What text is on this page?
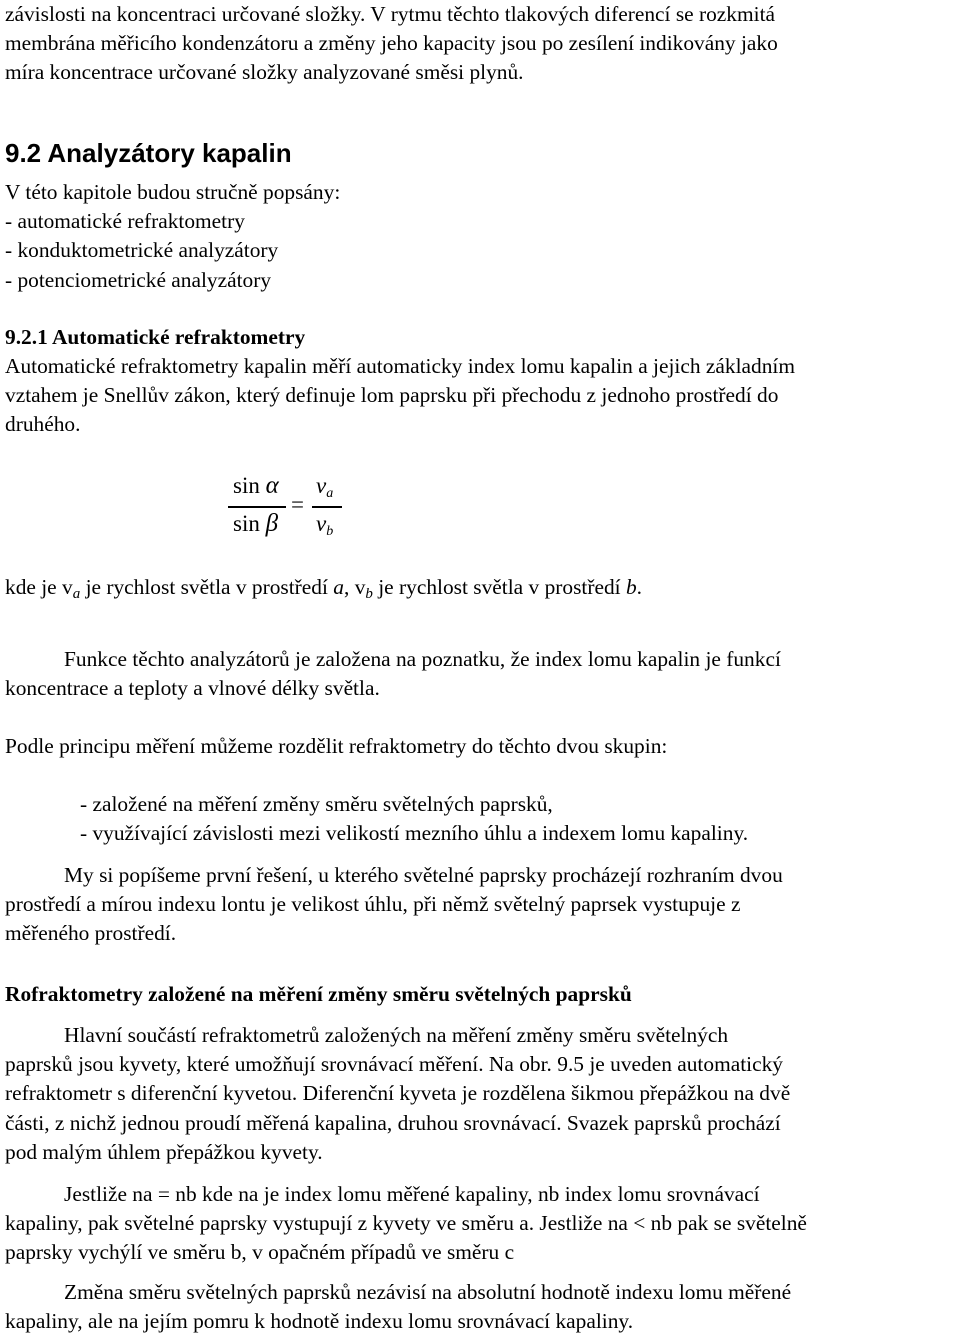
závislosti na koncentraci určované složky. V rytmu těchto tlakových diferencí se rozkmitá
membrána měřicího kondenzátoru a změny jeho kapacity jsou po zesílení indikovány jako
míra koncentrace určované složky analyzované směsi plynů.
9.2 Analyzátory kapalin
V této kapitole budou stručně popsány:
- automatické refraktometry
- konduktometrické analyzátory
- potenciometrické analyzátory
9.2.1 Automatické refraktometry
Automatické refraktometry kapalin měří automaticky index lomu kapalin a jejich základním
vztahem je Snellův zákon, který definuje lom paprsku při přechodu z jednoho prostředí do
druhého.
sin α
sin β
=
va
vb
kde je $v_a$ je rychlost světla v prostředí a, $v_b$ je rychlost světla v prostředí b.

Funkce těchto analyzátorů je založena na poznatku, že index lomu kapalin je funkcí
koncentrace a teploty a vlnové délky světla.

Podle principu měření můžeme rozdělit refraktometry do těchto dvou skupin:
- založené na měření změny směru světelných paprsků,
- využívající závislosti mezi velikostí mezního úhlu a indexem lomu kapaliny.

My si popíšeme první řešení, u kterého světelné paprsky procházejí rozhraním dvou
prostředí a mírou indexu lontu je velikost úhlu, při němž světelný paprsek vystupuje z
měřeného prostředí.

Rofraktometry založené na měření změny směru světelných paprsků

Hlavní součástí refraktometrů založených na měření změny směru světelných
paprsků jsou kyvety, které umožňují srovnávací měření. Na obr. 9.5 je uveden automatický
refraktometr s diferenční kyvetou. Diferenční kyveta je rozdělena šikmou přepážkou na dvě
části, z nichž jednou proudí měřená kapalina, druhou srovnávací. Svazek paprsků prochází
pod malým úhlem přepážkou kyvety.

Jestliže na = nb kde na je index lomu měřené kapaliny, nb index lomu srovnávací
kapaliny, pak světelné paprsky vystupují z kyvety ve směru a. Jestliže na < nb pak se světelně
paprsky vychýlí ve směru b, v opačném případů ve směru c

Změna směru světelných paprsků nezávisí na absolutní hodnotě indexu lomu měřené
kapaliny, ale na jejím pomru k hodnotě indexu lomu srovnávací kapaliny.
